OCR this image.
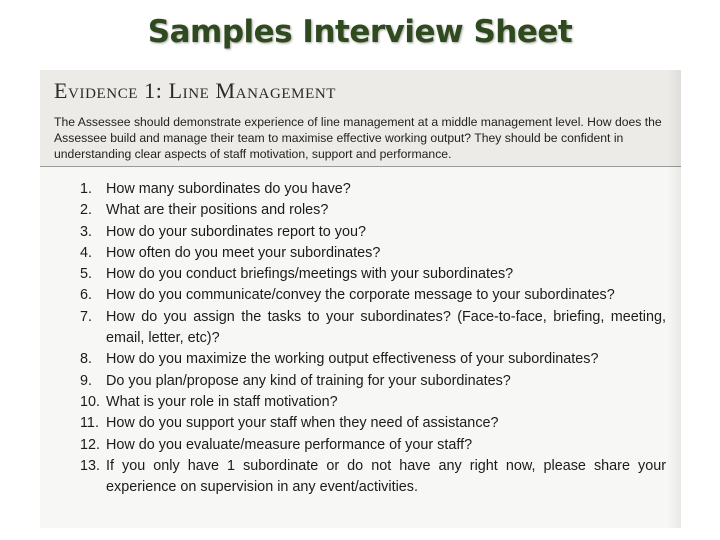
Samples Interview Sheet
Evidence 1: Line Management
The Assessee should demonstrate experience of line management at a middle management level. How does the Assessee build and manage their team to maximise effective working output? They should be confident in understanding clear aspects of staff motivation, support and performance.
1. How many subordinates do you have?
2. What are their positions and roles?
3. How do your subordinates report to you?
4. How often do you meet your subordinates?
5. How do you conduct briefings/meetings with your subordinates?
6. How do you communicate/convey the corporate message to your subordinates?
7. How do you assign the tasks to your subordinates? (Face-to-face, briefing, meeting, email, letter, etc)?
8. How do you maximize the working output effectiveness of your subordinates?
9. Do you plan/propose any kind of training for your subordinates?
10. What is your role in staff motivation?
11. How do you support your staff when they need of assistance?
12. How do you evaluate/measure performance of your staff?
13. If you only have 1 subordinate or do not have any right now, please share your experience on supervision in any event/activities.
